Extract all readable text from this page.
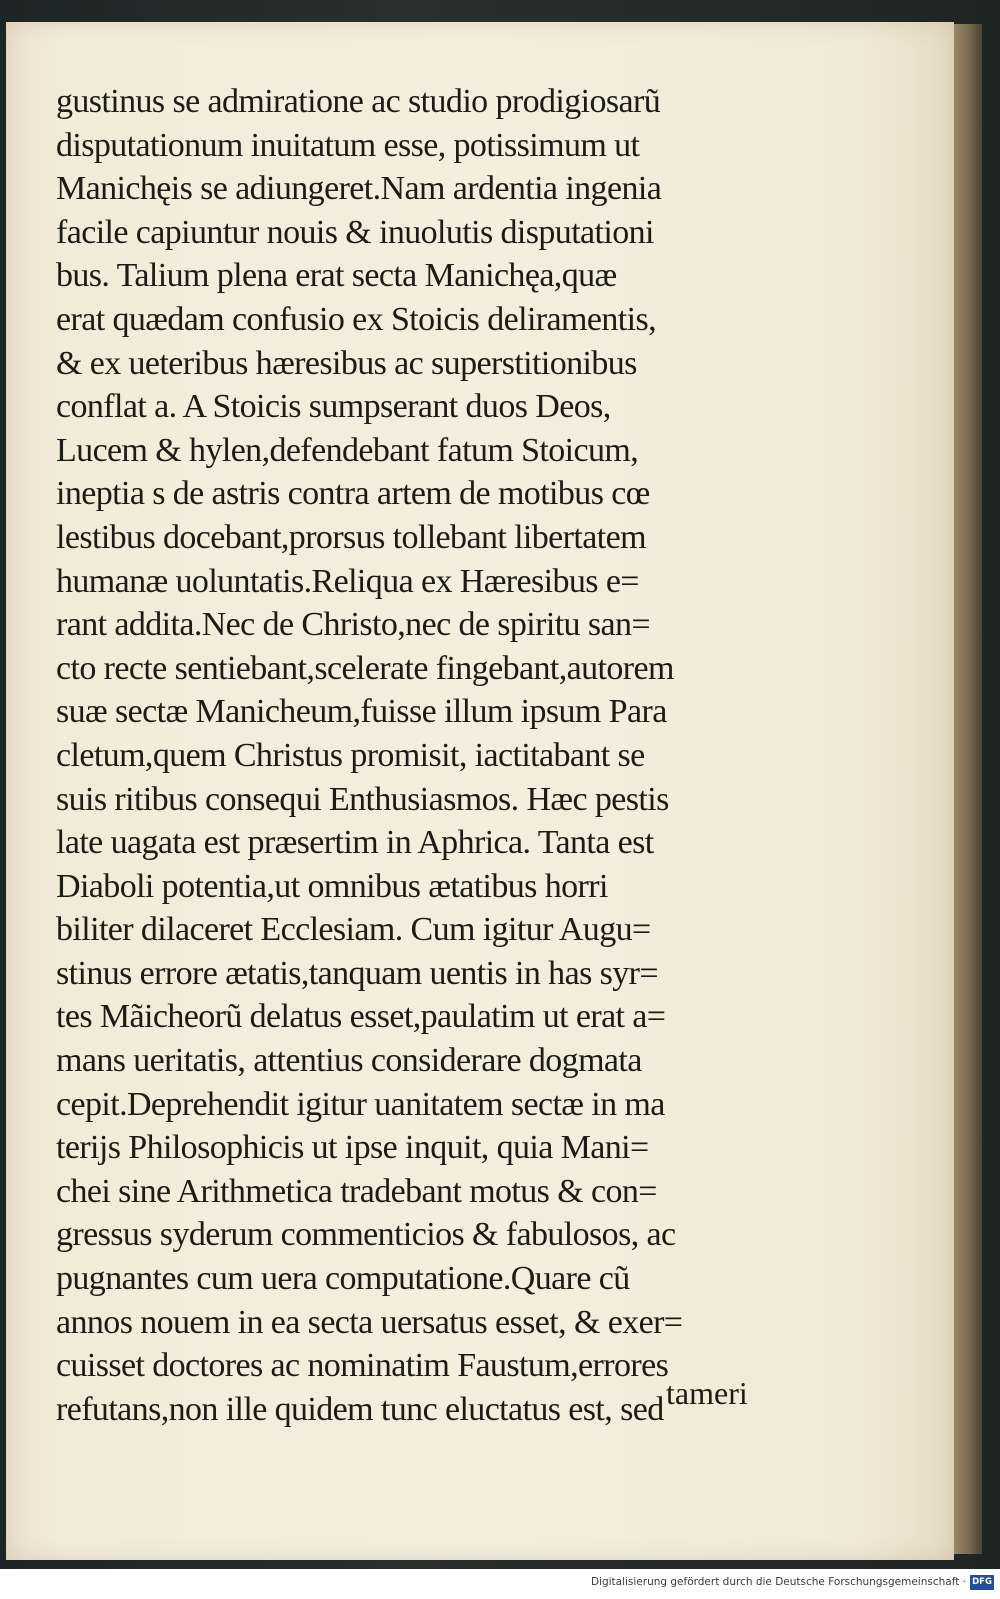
gustinus se admiratione ac studio prodigiosarũ
disputationum inuitatum esse, potissimum ut
Manichęis se adiungeret.Nam ardentia ingenia
facile capiuntur nouis & inuolutis disputationi
bus. Talium plena erat secta Manichęa,quæ
erat quædam confusio ex Stoicis deliramentis,
& ex ueteribus hæresibus ac superstitionibus
conflat a. A Stoicis sumpserant duos Deos,
Lucem & hylen,defendebant fatum Stoicum,
ineptia s de astris contra artem de motibus cœ
lestibus docebant,prorsus tollebant libertatem
humanæ uoluntatis.Reliqua ex Hæresibus e=
rant addita.Nec de Christo,nec de spiritu san=
cto recte sentiebant,scelerate fingebant,autorem
suæ sectæ Manicheum,fuisse illum ipsum Para
cletum,quem Christus promisit, iactitabant se
suis ritibus consequi Enthusiasmos. Hæc pestis
late uagata est præsertim in Aphrica. Tanta est
Diaboli potentia,ut omnibus ætatibus horri
biliter dilaceret Ecclesiam. Cum igitur Augu=
stinus errore ætatis,tanquam uentis in has syr=
tes Mãicheorũ delatus esset,paulatim ut erat a=
mans ueritatis, attentius considerare dogmata
cepit.Deprehendit igitur uanitatem sectæ in ma
terijs Philosophicis ut ipse inquit, quia Mani=
chei sine Arithmetica tradebant motus & con=
gressus syderum commenticios & fabulosos, ac
pugnantes cum uera computatione.Quare cũ
annos nouem in ea secta uersatus esset, & exer=
cuisset doctores ac nominatim Faustum,errores
refutans,non ille quidem tunc eluctatus est, sed tameri
Digitalisierung gefördert durch die Deutsche Forschungsgemeinschaft · DFG
